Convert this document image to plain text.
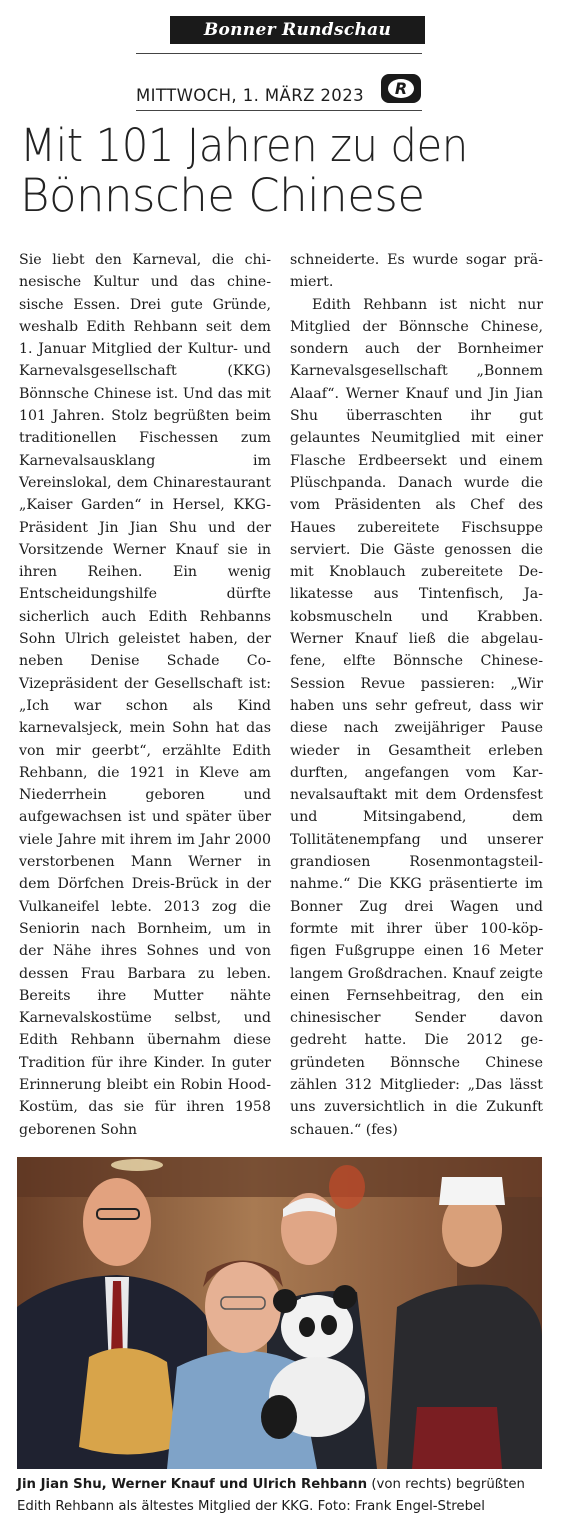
Bonner Rundschau
MITTWOCH, 1. MÄRZ 2023	R
Mit 101 Jahren zu den
Bönnsche Chinese

Sie liebt den Karneval, die chinesische Kultur und das chinesische Essen. Drei gute Gründe, weshalb Edith Rehbann seit dem 1. Januar Mitglied der Kultur- und Karnevalsgesellschaft (KKG) Bönnsche Chinese ist. Und das mit 101 Jahren. Stolz begrüßten beim traditionellen Fischessen zum Karnevalsausklang im Vereinslokal, dem Chinarestaurant „Kaiser Garden“ in Hersel, KKG-Präsident Jin Jian Shu und der Vorsitzende Werner Knauf sie in ihren Reihen. Ein wenig Entscheidungshilfe dürfte sicherlich auch Edith Rehbanns Sohn Ulrich geleistet haben, der neben Denise Schade Co-Vizepräsident der Gesellschaft ist: „Ich war schon als Kind karnevalsjeck, mein Sohn hat das von mir geerbt“, erzählte Edith Rehbann, die 1921 in Kleve am Niederrhein geboren und aufgewachsen ist und später über viele Jahre mit ihrem im Jahr 2000 verstorbenen Mann Werner in dem Dörfchen Dreis-Brück in der Vulkaneifel lebte. 2013 zog die Seniorin nach Bornheim, um in der Nähe ihres Sohnes und von dessen Frau Barbara zu leben. Bereits ihre Mutter nähte Karnevalskostüme selbst, und Edith Rehbann übernahm diese Tradition für ihre Kinder. In guter Erinnerung bleibt ein Robin Hood-Kostüm, das sie für ihren 1958 geborenen Sohn

schneiderte. Es wurde sogar prämiert.

Edith Rehbann ist nicht nur Mitglied der Bönnsche Chinese, sondern auch der Bornheimer Karnevalsgesellschaft „Bonnem Alaaf“. Werner Knauf und Jin Jian Shu überraschten ihr gut gelauntes Neumitglied mit einer Flasche Erdbeersekt und einem Plüschpanda. Danach wurde die vom Präsidenten als Chef des Haues zubereitete Fischsuppe serviert. Die Gäste genossen die mit Knoblauch zubereitete Delikatesse aus Tintenfisch, Jakobsmuscheln und Krabben. Werner Knauf ließ die abgelaufene, elfte Bönnsche Chinese-Session Revue passieren: „Wir haben uns sehr gefreut, dass wir diese nach zweijähriger Pause wieder in Gesamtheit erleben durften, angefangen vom Karnevalsauftakt mit dem Ordensfest und Mitsingabend, dem Tollitätenempfang und unserer grandiosen Rosenmontagsteilnahme.“ Die KKG präsentierte im Bonner Zug drei Wagen und formte mit ihrer über 100-köpfigen Fußgruppe einen 16 Meter langem Großdrachen. Knauf zeigte einen Fernsehbeitrag, den ein chinesischer Sender davon gedreht hatte. Die 2012 gegründeten Bönnsche Chinese zählen 312 Mitglieder: „Das lässt uns zuversichtlich in die Zukunft schauen.“ (fes)

Jin Jian Shu, Werner Knauf und Ulrich Rehbann (von rechts) begrüßten Edith Rehbann als ältestes Mitglied der KKG. Foto: Frank Engel-Strebel
